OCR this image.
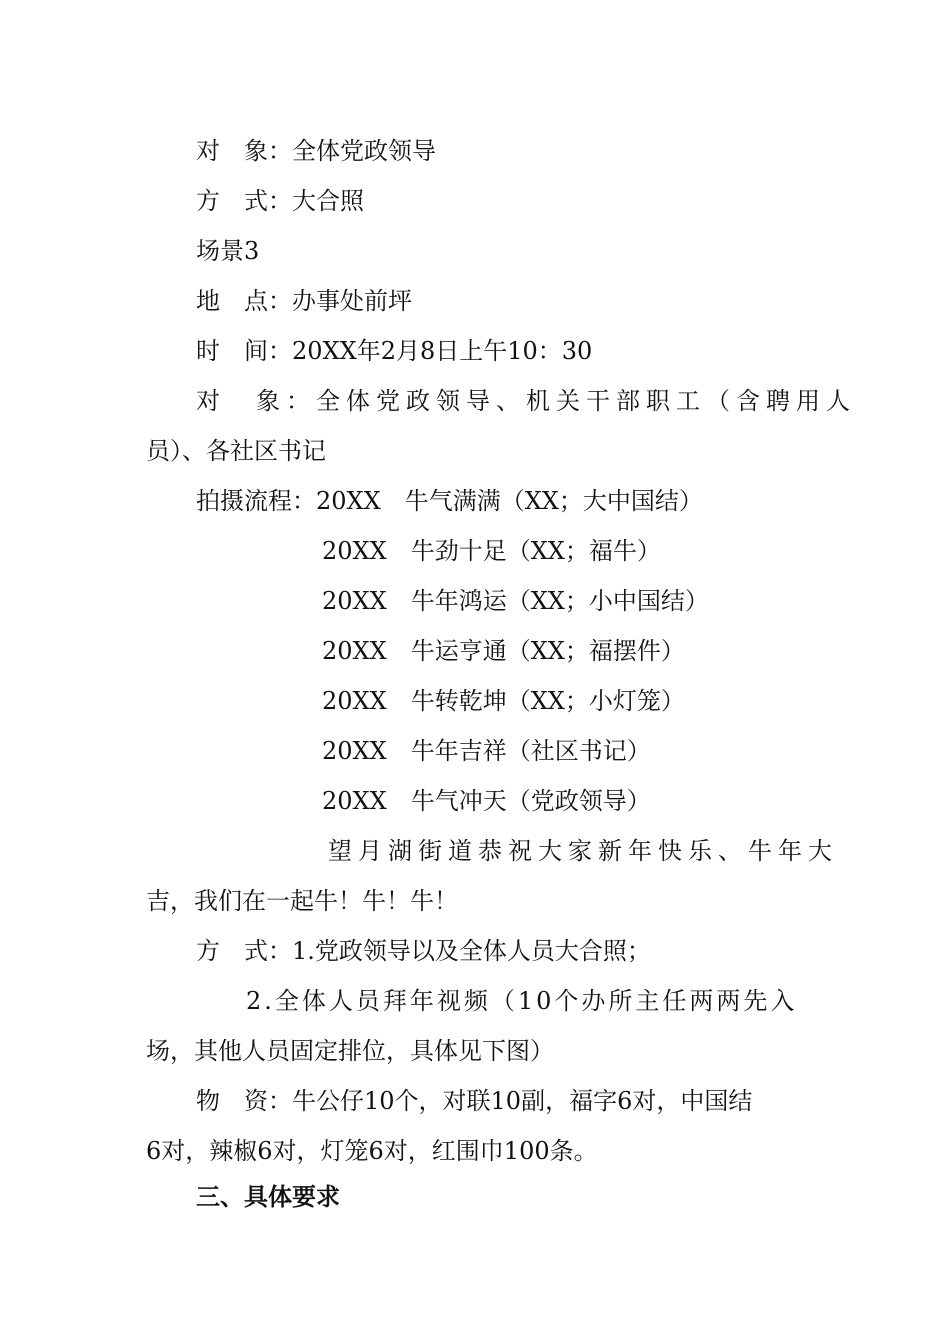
对　象：全体党政领导
方　式：大合照
场景3
地　点：办事处前坪
时　间：20XX年2月8日上午10：30
对　象：全体党政领导、机关干部职工（含聘用人
员）、各社区书记
拍摄流程：20XX　牛气满满（XX；大中国结）
20XX　牛劲十足（XX；福牛）
20XX　牛年鸿运（XX；小中国结）
20XX　牛运亨通（XX；福摆件）
20XX　牛转乾坤（XX；小灯笼）
20XX　牛年吉祥（社区书记）
20XX　牛气冲天（党政领导）
望月湖街道恭祝大家新年快乐、牛年大
吉，我们在一起牛！牛！牛！
方　式：1.党政领导以及全体人员大合照；
2.全体人员拜年视频（10个办所主任两两先入
场，其他人员固定排位，具体见下图）
物　资：牛公仔10个，对联10副，福字6对，中国结
6对，辣椒6对，灯笼6对，红围巾100条。
三、具体要求
